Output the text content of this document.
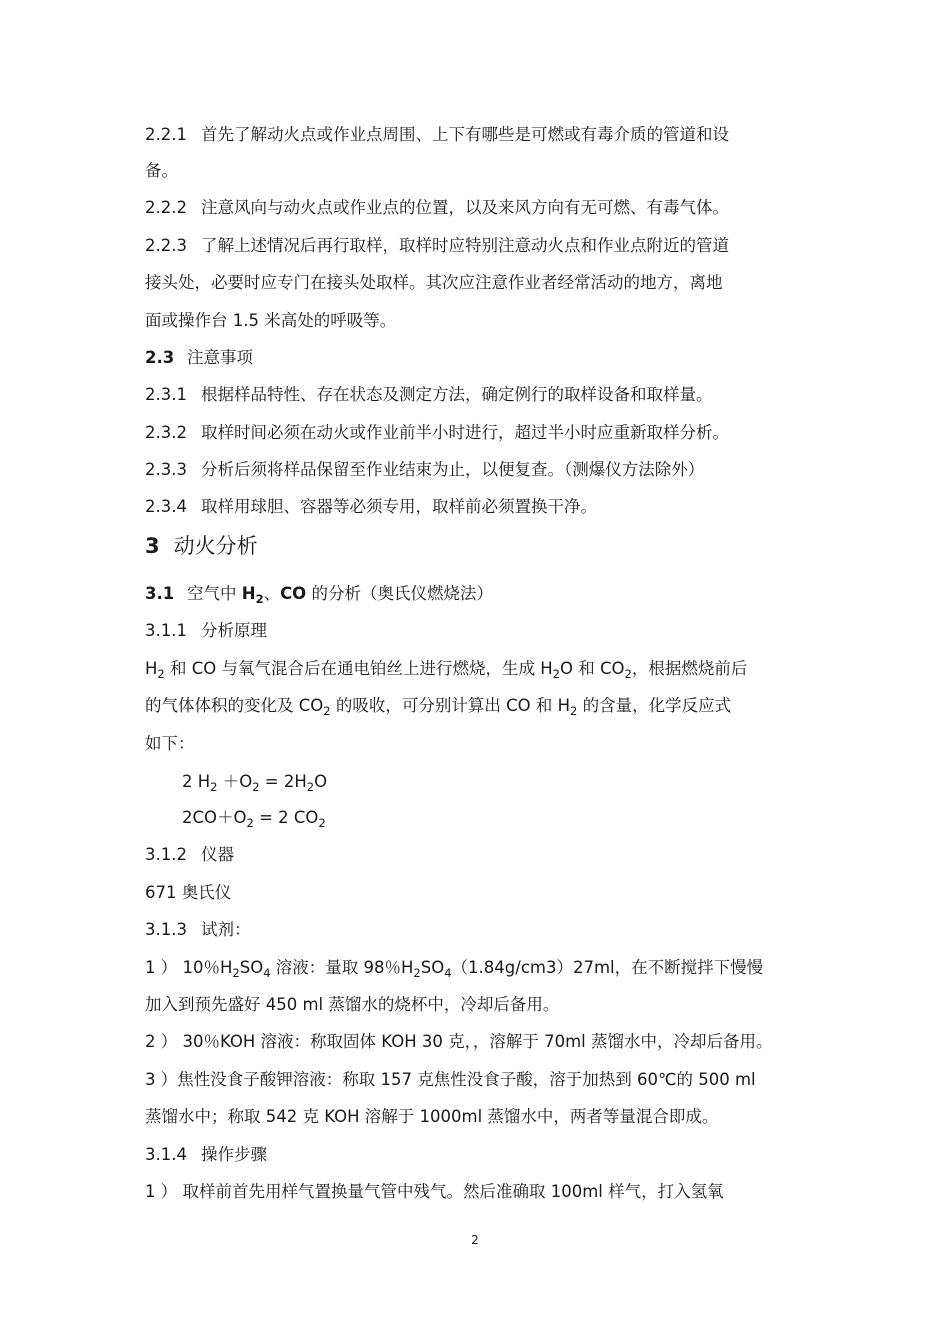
2.2.1 首先了解动火点或作业点周围、上下有哪些是可燃或有毒介质的管道和设
备。
2.2.2 注意风向与动火点或作业点的位置，以及来风方向有无可燃、有毒气体。
2.2.3 了解上述情况后再行取样，取样时应特别注意动火点和作业点附近的管道
接头处，必要时应专门在接头处取样。其次应注意作业者经常活动的地方，离地
面或操作台 1.5 米高处的呼吸等。
2.3 注意事项
2.3.1 根据样品特性、存在状态及测定方法，确定例行的取样设备和取样量。
2.3.2 取样时间必须在动火或作业前半小时进行，超过半小时应重新取样分析。
2.3.3 分析后须将样品保留至作业结束为止，以便复查。（测爆仪方法除外）
2.3.4 取样用球胆、容器等必须专用，取样前必须置换干净。
3 动火分析
3.1 空气中 $H_2$、CO 的分析（奥氏仪燃烧法）
3.1.1 分析原理
$H_2$ 和 CO 与氧气混合后在通电铂丝上进行燃烧，生成 $H_2O$ 和 $CO_2$，根据燃烧前后
的气体体积的变化及 $CO_2$ 的吸收，可分别计算出 CO 和 $H_2$ 的含量，化学反应式
如下：
2 $H_2 +O_2 = 2H_2O$
$2CO+O_2 = 2$ $CO_2$
3.1.2 仪器
671 奥氏仪
3.1.3 试剂：
1 ） 10％$H_2SO_4$ 溶液：量取 98％$H_2SO_4(1.84g/cm3)27ml$，在不断搅拌下慢慢
加入到预先盛好 450 ml 蒸馏水的烧杯中，冷却后备用。
2 ） 30％KOH 溶液：称取固体 KOH 30 克，，溶解于 70ml 蒸馏水中，冷却后备用。
3 ）焦性没食子酸钾溶液：称取 157 克焦性没食子酸，溶于加热到 60℃的 500 ml
蒸馏水中；称取 542 克 KOH 溶解于 1000ml 蒸馏水中，两者等量混合即成。
3.1.4 操作步骤
1 ） 取样前首先用样气置换量气管中残气。然后准确取 100ml 样气，打入氢氧
2
